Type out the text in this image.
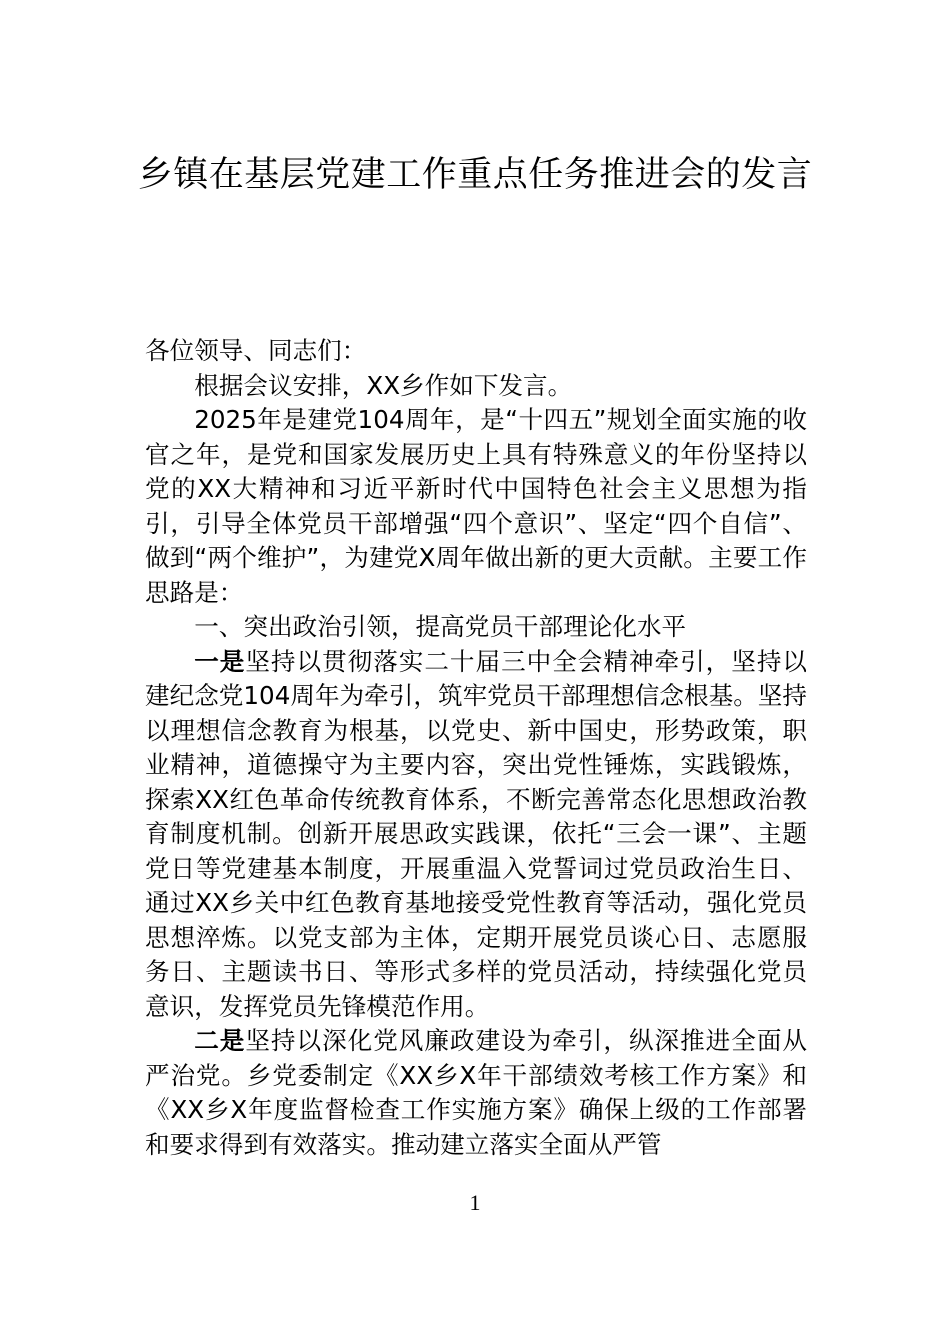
乡镇在基层党建工作重点任务推进会的发言

各位领导、同志们：

根据会议安排，XX乡作如下发言。

2025年是建党104周年，是“十四五”规划全面实施的收官之年，是党和国家发展历史上具有特殊意义的年份坚持以党的XX大精神和习近平新时代中国特色社会主义思想为指引，引导全体党员干部增强“四个意识”、坚定“四个自信”、做到“两个维护”，为建党X周年做出新的更大贡献。主要工作思路是：

一、突出政治引领，提高党员干部理论化水平

一是坚持以贯彻落实二十届三中全会精神牵引，坚持以建纪念党104周年为牵引，筑牢党员干部理想信念根基。坚持以理想信念教育为根基，以党史、新中国史，形势政策，职业精神，道德操守为主要内容，突出党性锤炼，实践锻炼，探索XX红色革命传统教育体系，不断完善常态化思想政治教育制度机制。创新开展思政实践课，依托“三会一课”、主题党日等党建基本制度，开展重温入党誓词过党员政治生日、通过XX乡关中红色教育基地接受党性教育等活动，强化党员思想淬炼。以党支部为主体，定期开展党员谈心日、志愿服务日、主题读书日、等形式多样的党员活动，持续强化党员意识，发挥党员先锋模范作用。

二是坚持以深化党风廉政建设为牵引，纵深推进全面从严治党。乡党委制定《XX乡X年干部绩效考核工作方案》和《XX乡X年度监督检查工作实施方案》确保上级的工作部署和要求得到有效落实。推动建立落实全面从严管

1
